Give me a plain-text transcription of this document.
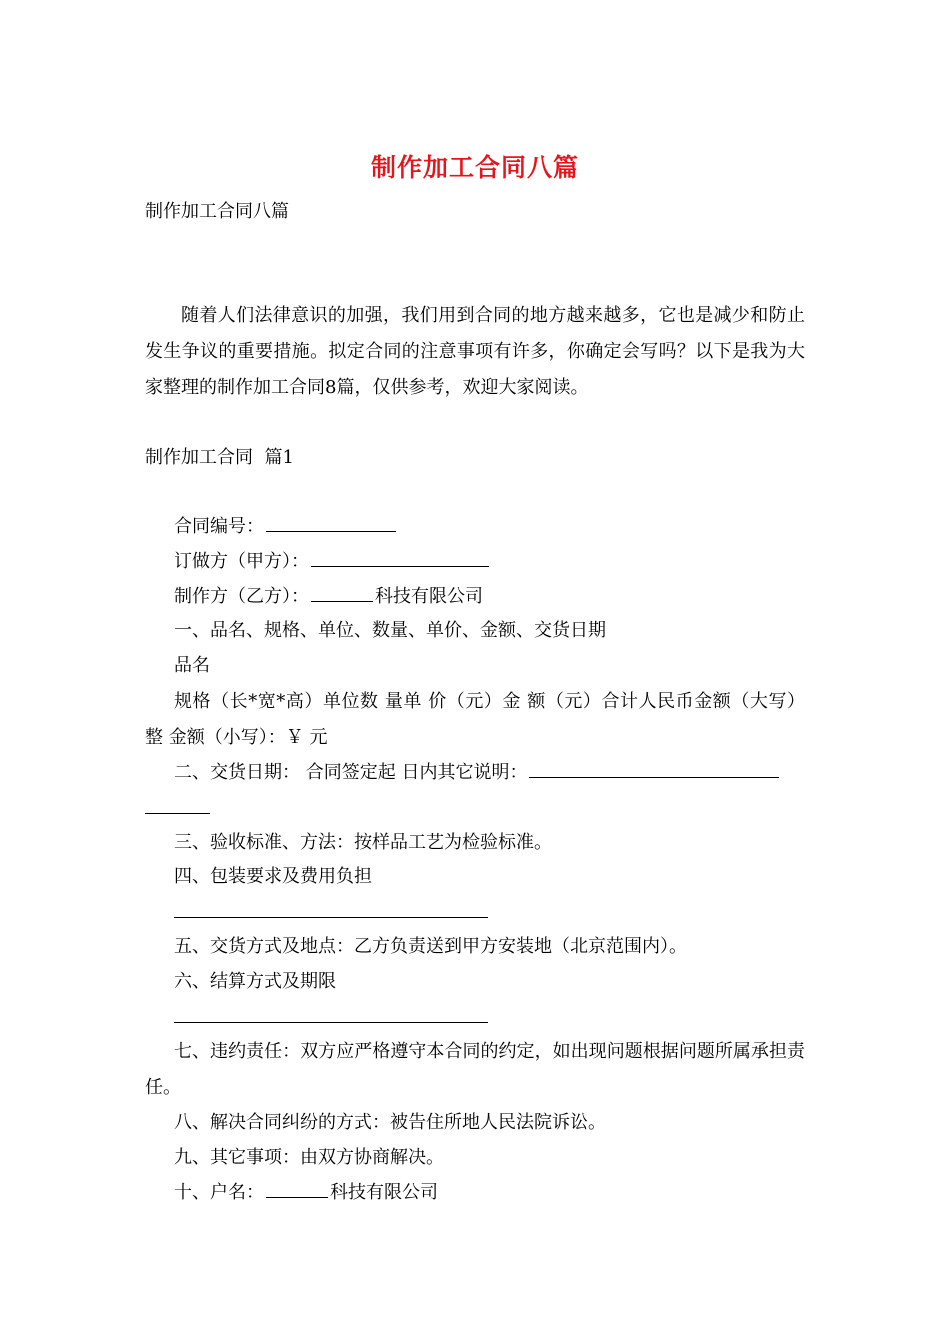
制作加工合同八篇
制作加工合同八篇
随着人们法律意识的加强，我们用到合同的地方越来越多，它也是减少和防止发生争议的重要措施。拟定合同的注意事项有许多，你确定会写吗？以下是我为大家整理的制作加工合同8篇，仅供参考，欢迎大家阅读。
制作加工合同  篇1
合同编号：
订做方（甲方）：
制作方（乙方）：	科技有限公司
一、品名、规格、单位、数量、单价、金额、交货日期
品名
规格（长*宽*高）单位数 量单 价（元）金 额（元）合计人民币金额（大写） 整 金额（小写）：￥ 元
二、交货日期： 合同签定起 日内其它说明：
三、验收标准、方法：按样品工艺为检验标准。
四、包装要求及费用负担
五、交货方式及地点：乙方负责送到甲方安装地（北京范围内）。
六、结算方式及期限
七、违约责任：双方应严格遵守本合同的约定，如出现问题根据问题所属承担责任。
八、解决合同纠纷的方式：被告住所地人民法院诉讼。
九、其它事项：由双方协商解决。
十、户名：	科技有限公司
